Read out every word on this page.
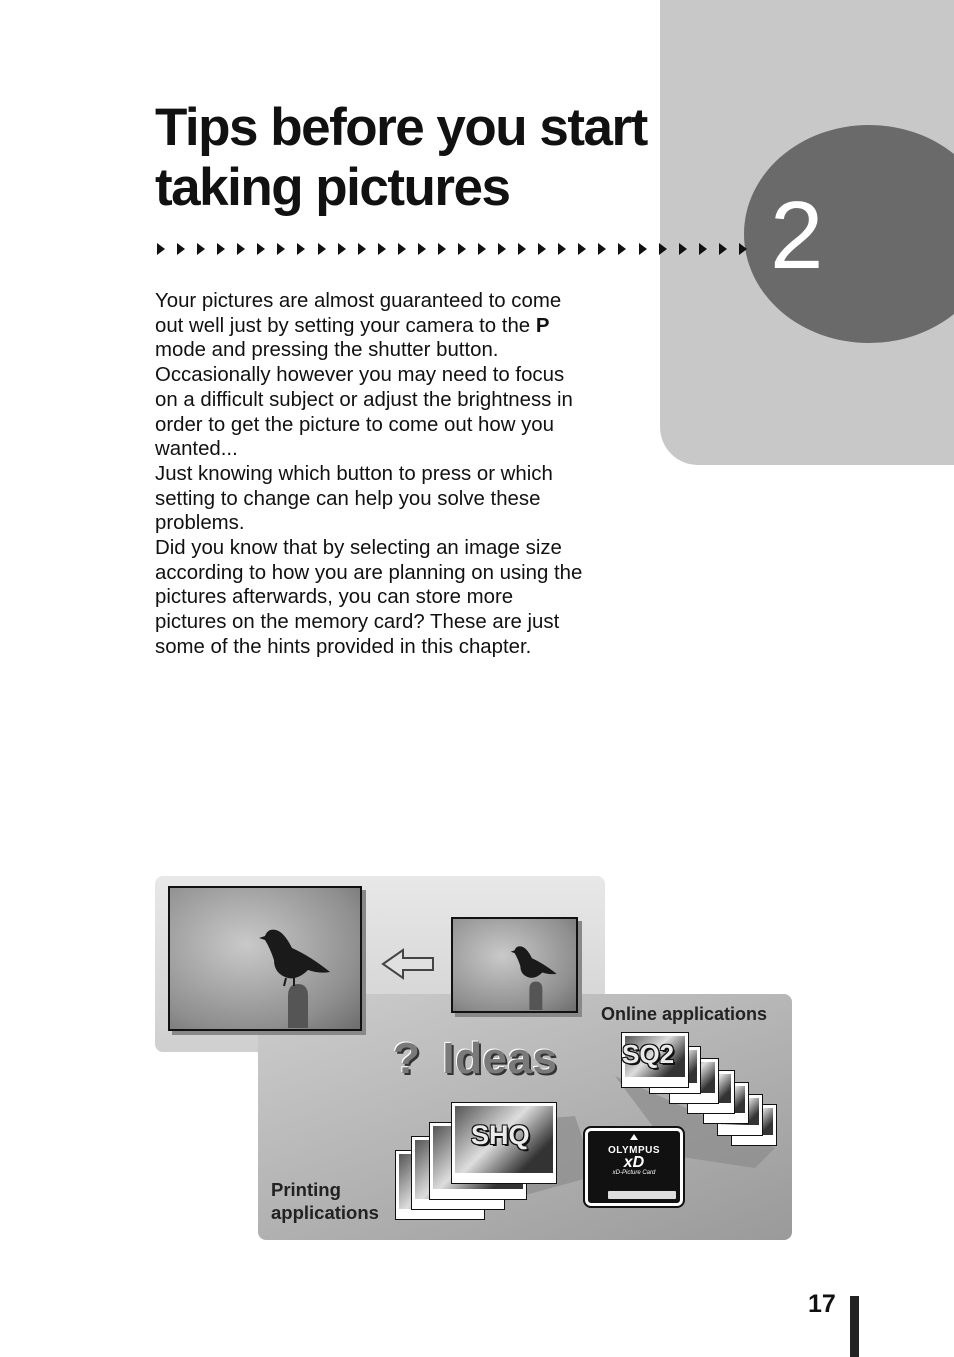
2
Tips before you start
taking pictures

Your pictures are almost guaranteed to come out well just by setting your camera to the P mode and pressing the shutter button. Occasionally however you may need to focus on a difficult subject or adjust the brightness in order to get the picture to come out how you wanted...

Just knowing which button to press or which setting to change can help you solve these problems.

Did you know that by selecting an image size according to how you are planning on using the pictures afterwards, you can store more pictures on the memory card? These are just some of the hints provided in this chapter.

? Ideas
Online applications
SQ2
SHQ
OLYMPUS
xD
xD-Picture Card
Printing applications
17
